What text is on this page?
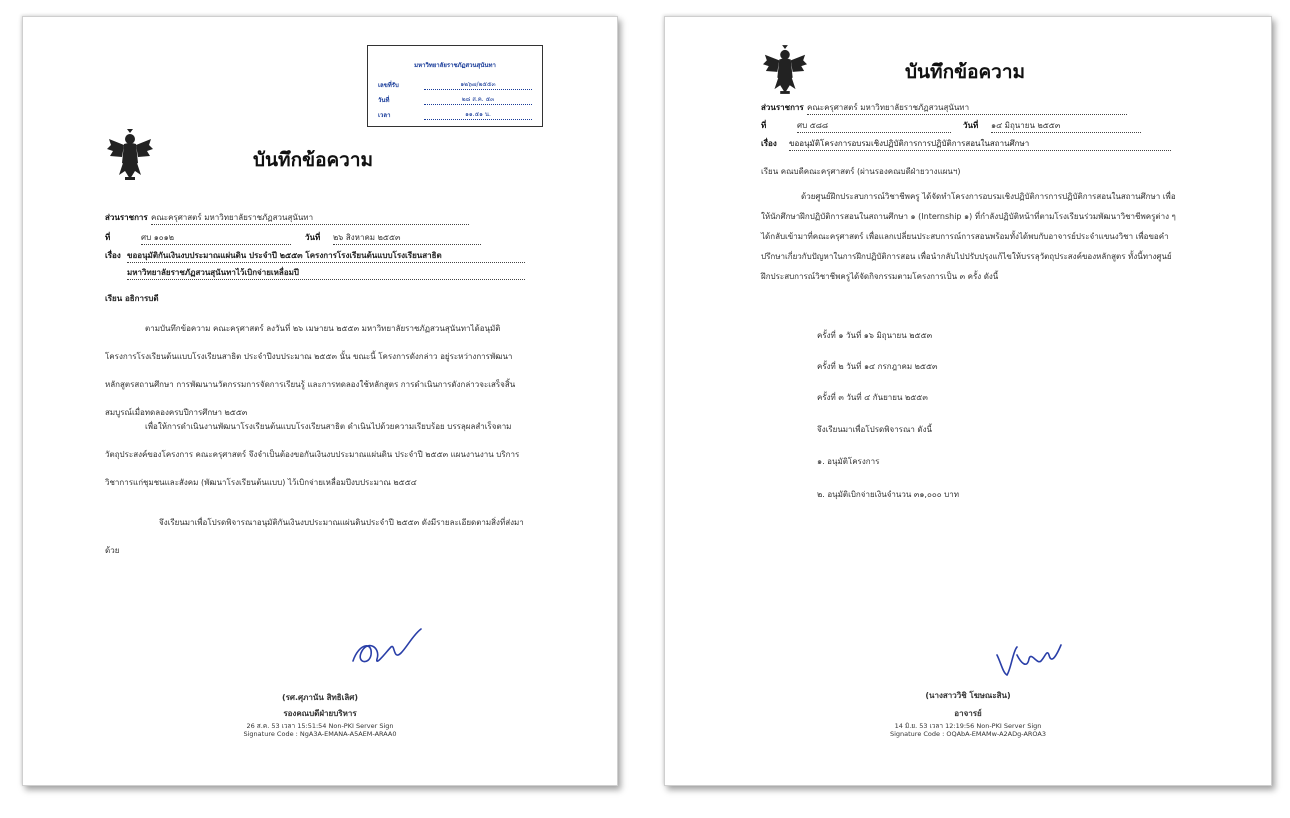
มหาวิทยาลัยราชภัฏสวนสุนันทา
เลขที่รับ	๑๒๖๗/๒๕๕๓
วันที่	๒๘ ส.ค. ๕๓
เวลา	๑๑.๕๑ น.
บันทึกข้อความ
ส่วนราชการ คณะครุศาสตร์ มหาวิทยาลัยราชภัฏสวนสุนันทา
ที่	ศบ ๑๐๑๒	วันที่ ๒๖ สิงหาคม ๒๕๕๓
เรื่อง ขออนุมัติกันเงินงบประมาณแผ่นดิน ประจำปี ๒๕๕๓ โครงการโรงเรียนต้นแบบโรงเรียนสาธิต
มหาวิทยาลัยราชภัฏสวนสุนันทาไว้เบิกจ่ายเหลื่อมปี
เรียน อธิการบดี
ตามบันทึกข้อความ คณะครุศาสตร์ ลงวันที่ ๒๖ เมษายน ๒๕๕๓ มหาวิทยาลัยราชภัฏสวนสุนันทาได้อนุมัติโครงการโรงเรียนต้นแบบโรงเรียนสาธิต ประจำปีงบประมาณ ๒๕๕๓ นั้น ขณะนี้ โครงการดังกล่าว อยู่ระหว่างการพัฒนาหลักสูตรสถานศึกษา การพัฒนานวัตกรรมการจัดการเรียนรู้ และการทดลองใช้หลักสูตร การดำเนินการดังกล่าวจะเสร็จสิ้นสมบูรณ์เมื่อทดลองครบปีการศึกษา ๒๕๕๓
เพื่อให้การดำเนินงานพัฒนาโรงเรียนต้นแบบโรงเรียนสาธิต ดำเนินไปด้วยความเรียบร้อย บรรลุผลสำเร็จตามวัตถุประสงค์ของโครงการ คณะครุศาสตร์ จึงจำเป็นต้องขอกันเงินงบประมาณแผ่นดิน ประจำปี ๒๕๕๓ แผนงานงาน บริการวิชาการแก่ชุมชนและสังคม (พัฒนาโรงเรียนต้นแบบ) ไว้เบิกจ่ายเหลื่อมปีงบประมาณ ๒๕๕๔
จึงเรียนมาเพื่อโปรดพิจารณาอนุมัติกันเงินงบประมาณแผ่นดินประจำปี ๒๕๕๓ ดังมีรายละเอียดตามสิ่งที่ส่งมาด้วย
(รศ.ศุภานัน สิทธิเลิศ)
รองคณบดีฝ่ายบริหาร
26 ส.ค. 53 เวลา 15:51:54 Non-PKI Server Sign
Signature Code : NgA3A-EMANA-A5AEM-ARAA0
บันทึกข้อความ
ส่วนราชการ คณะครุศาสตร์ มหาวิทยาลัยราชภัฏสวนสุนันทา
ที่	ศบ ๕๘๘	วันที่ ๑๔ มิถุนายน ๒๕๕๓
เรื่อง ขออนุมัติโครงการอบรมเชิงปฏิบัติการการปฏิบัติการสอนในสถานศึกษา
เรียน คณบดีคณะครุศาสตร์ (ผ่านรองคณบดีฝ่ายวางแผนฯ)
ด้วยศูนย์ฝึกประสบการณ์วิชาชีพครู ได้จัดทำโครงการอบรมเชิงปฏิบัติการการปฏิบัติการสอนในสถานศึกษา เพื่อให้นักศึกษาฝึกปฏิบัติการสอนในสถานศึกษา ๑ (Internship ๑) ที่กำลังปฏิบัติหน้าที่ตามโรงเรียนร่วมพัฒนาวิชาชีพครูต่าง ๆ ได้กลับเข้ามาที่คณะครุศาสตร์ เพื่อแลกเปลี่ยนประสบการณ์การสอนพร้อมทั้งได้พบกับอาจารย์ประจำแขนงวิชา เพื่อขอคำปรึกษาเกี่ยวกับปัญหาในการฝึกปฏิบัติการสอน เพื่อนำกลับไปปรับปรุงแก้ไขให้บรรลุวัตถุประสงค์ของหลักสูตร ทั้งนี้ทางศูนย์ฝึกประสบการณ์วิชาชีพครูได้จัดกิจกรรมตามโครงการเป็น ๓ ครั้ง ดังนี้
ครั้งที่ ๑ วันที่ ๑๖ มิถุนายน ๒๕๕๓
ครั้งที่ ๒ วันที่ ๑๔ กรกฎาคม ๒๕๕๓
ครั้งที่ ๓ วันที่ ๔ กันยายน ๒๕๕๓
จึงเรียนมาเพื่อโปรดพิจารณา ดังนี้
๑. อนุมัติโครงการ
๒. อนุมัติเบิกจ่ายเงินจำนวน ๓๑,๐๐๐ บาท
(นางสาววิชิ โฆษณะสิน)
อาจารย์
14 มิ.ย. 53 เวลา 12:19:56 Non-PKI Server Sign
Signature Code : OQAbA-EMAMw-A2ADg-AROA3
